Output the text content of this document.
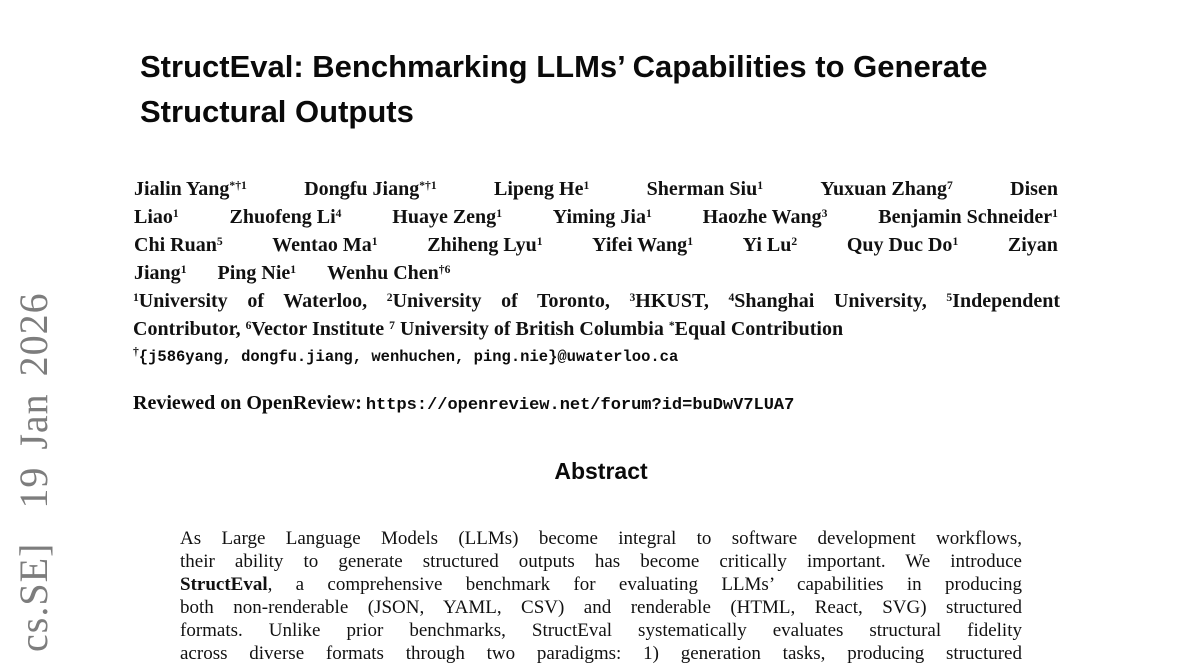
cs.SE]  19 Jan 2026
StructEval: Benchmarking LLMs’ Capabilities to Generate
Structural Outputs
Jialin Yang$^{*\dagger 1}$	Dongfu Jiang$^{*\dagger 1}$	Lipeng He$^1$	Sherman Siu$^1$	Yuxuan Zhang$^7$	Disen
Liao$^1$	Zhuofeng Li$^4$	Huaye Zeng$^1$	Yiming Jia$^1$	Haozhe Wang$^3$	Benjamin Schneider$^1$
Chi Ruan$^5$ Wentao Ma$^1$ Zhiheng Lyu$^1$ Yifei Wang$^1$ Yi Lu$^2$ Quy Duc Do$^1$ Ziyan
Jiang$^1$ Ping Nie$^1$ Wenhu Chen$^{\dagger 6}$
$^1$University of Waterloo, $^2$University of Toronto, $^3$HKUST, $^4$Shanghai University, $^5$Independent
Contributor, $^6$Vector Institute $^7$ University of British Columbia *Equal Contribution
†{j586yang, dongfu.jiang, wenhuchen, ping.nie}@uwaterloo.ca
Reviewed on OpenReview: https://openreview.net/forum?id=buDwV7LUA7
Abstract
As Large Language Models (LLMs) become integral to software development workflows,
their ability to generate structured outputs has become critically important. We introduce
StructEval, a comprehensive benchmark for evaluating LLMs’ capabilities in producing
both non-renderable (JSON, YAML, CSV) and renderable (HTML, React, SVG) structured
formats. Unlike prior benchmarks, StructEval systematically evaluates structural fidelity
across diverse formats through two paradigms: 1) generation tasks, producing structured
